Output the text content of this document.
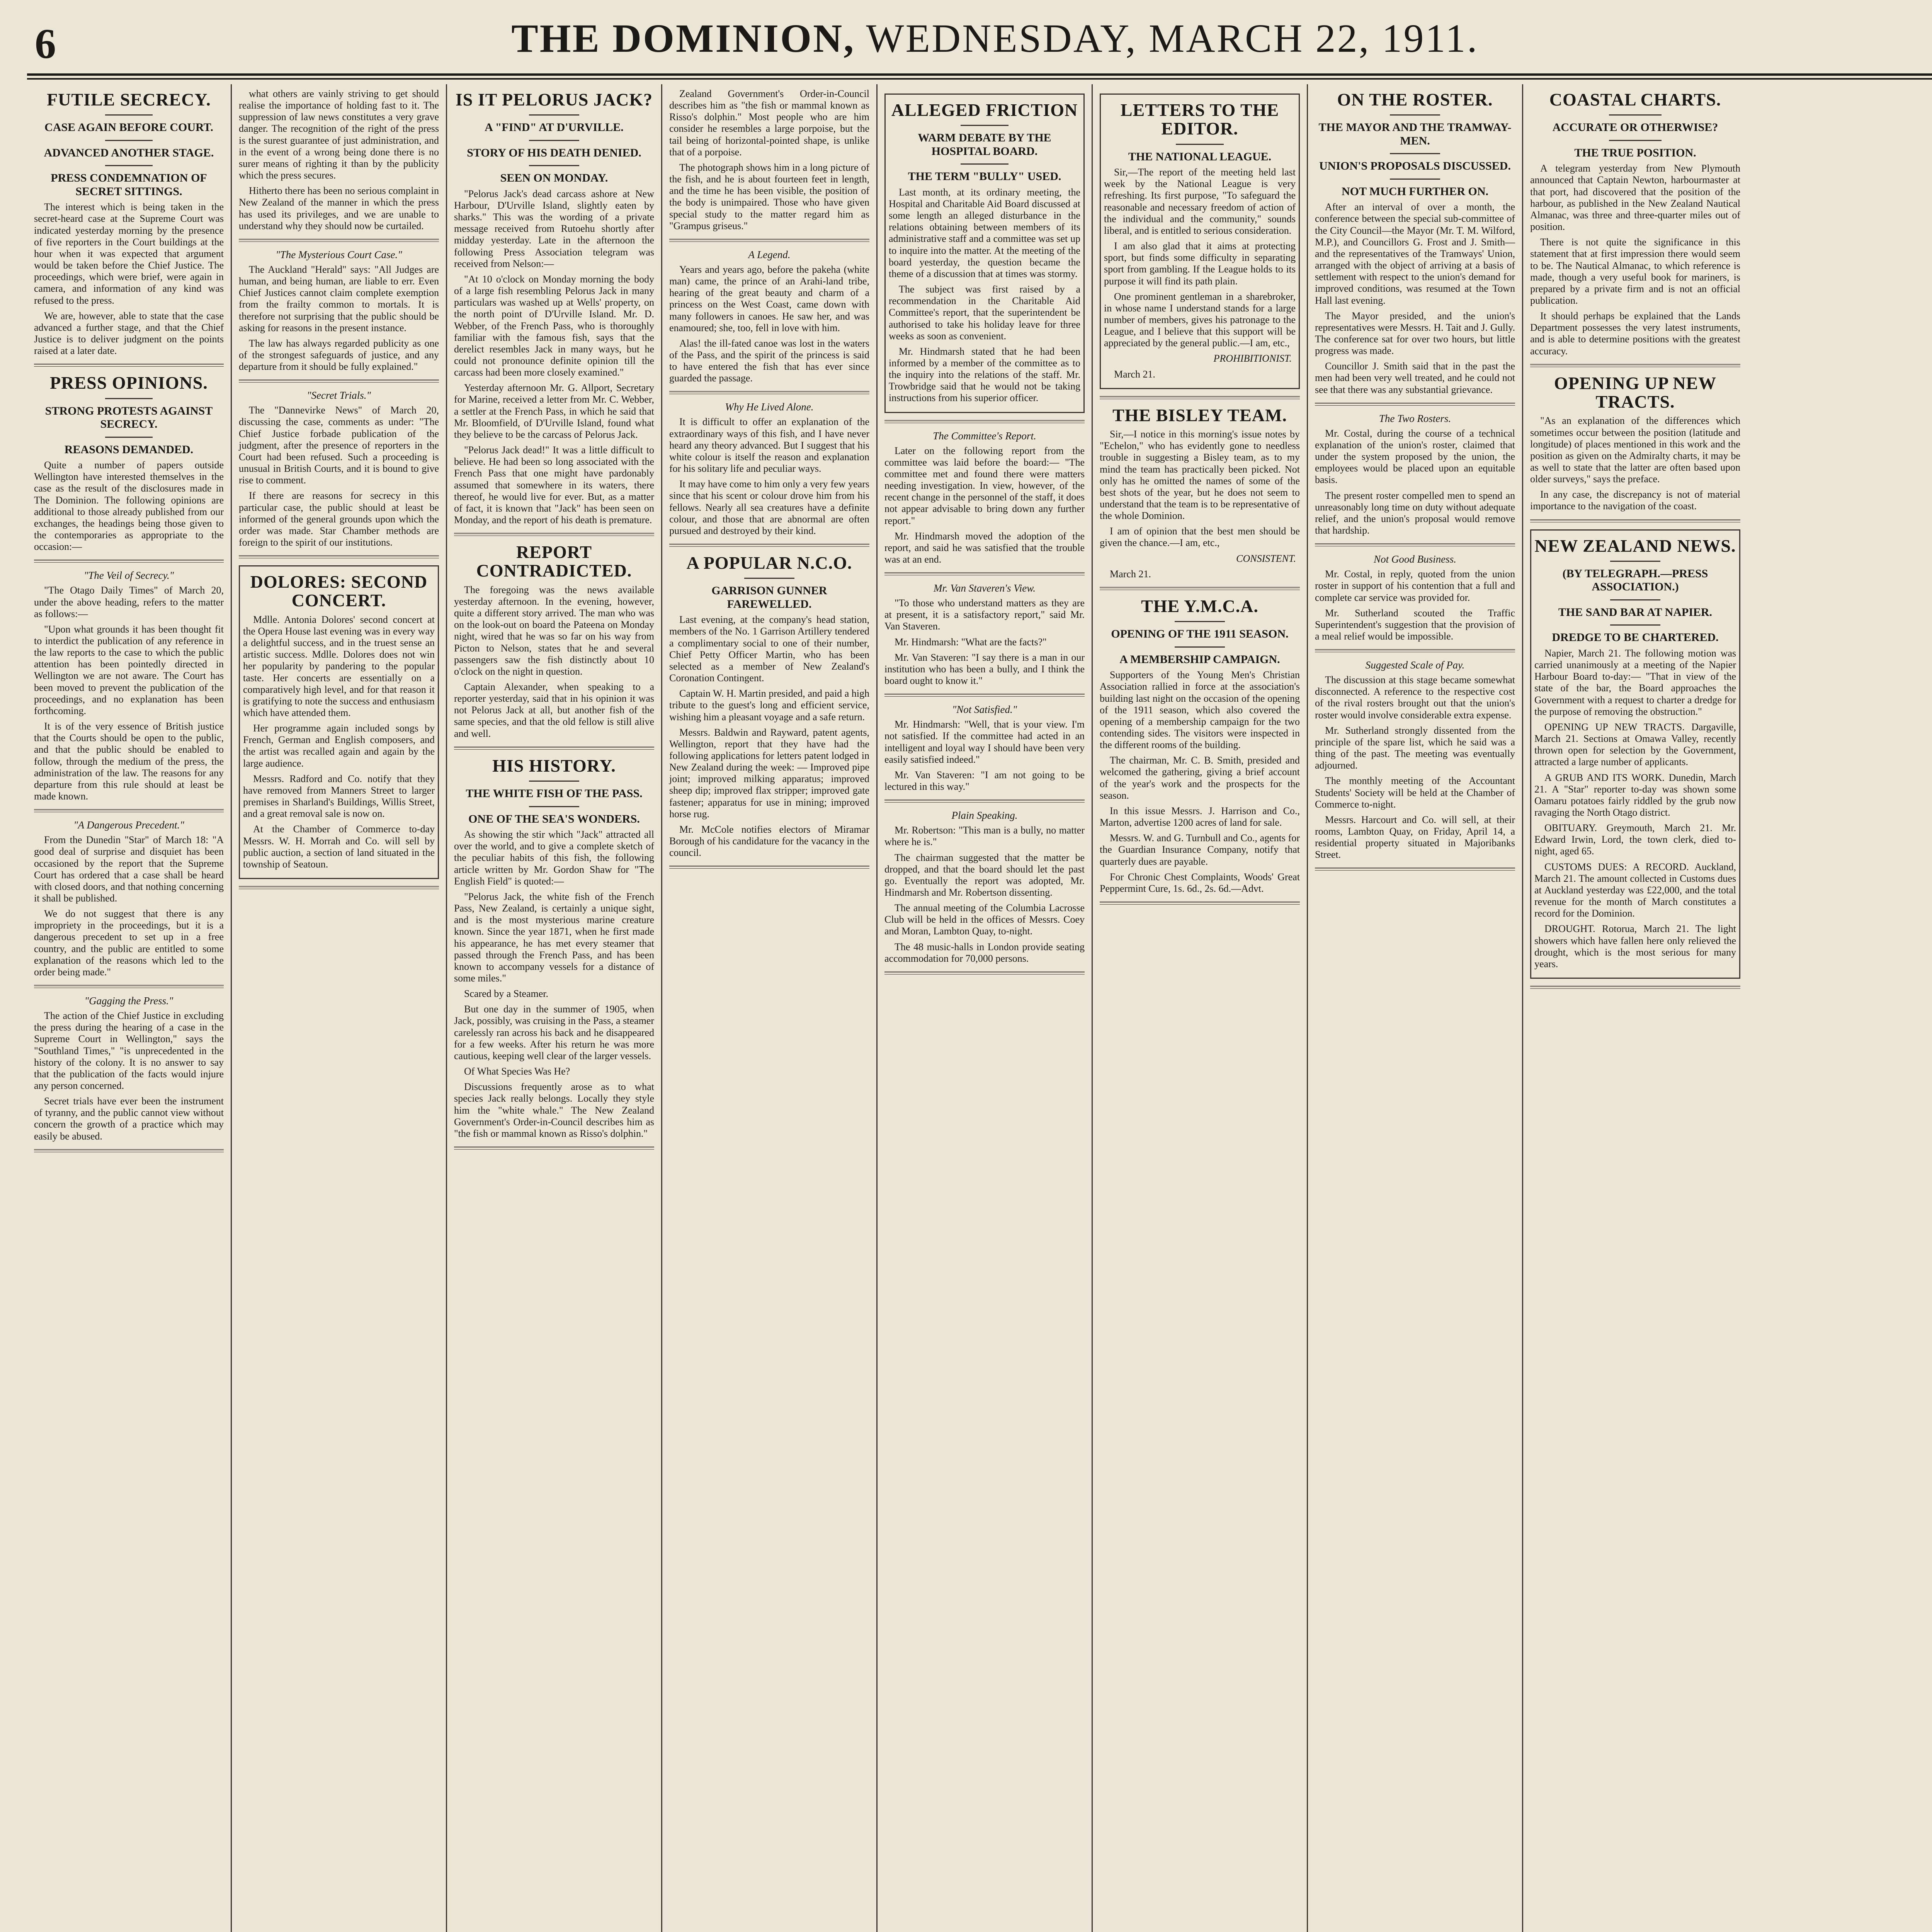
6	THE DOMINION, WEDNESDAY, MARCH 22, 1911.
FUTILE SECRECY.
CASE AGAIN BEFORE COURT.
ADVANCED ANOTHER STAGE.
PRESS CONDEMNATION OF SECRET SITTINGS.

The interest which is being taken in the secret-heard case at the Supreme Court was indicated yesterday morning by the presence of five reporters in the Court buildings at the hour when it was expected that argument would be taken before the Chief Justice. The proceedings, which were brief, were again in camera, and information of any kind was refused to the press.

We are, however, able to state that the case advanced a further stage, and that the Chief Justice is to deliver judgment on the points raised at a later date.

PRESS OPINIONS.
STRONG PROTESTS AGAINST SECRECY.
REASONS DEMANDED.

Quite a number of papers outside Wellington have interested themselves in the case as the result of the disclosures made in The Dominion. The following opinions are additional to those already published from our exchanges, the headings being those given to the contemporaries as appropriate to the occasion:—

"The Veil of Secrecy."

"The Otago Daily Times" of March 20, under the above heading, refers to the matter as follows:—

"Upon what grounds it has been thought fit to interdict the publication of any reference in the law reports to the case to which the public attention has been pointedly directed in Wellington we are not aware. The Court has been moved to prevent the publication of the proceedings, and no explanation has been forthcoming.

It is of the very essence of British justice that the Courts should be open to the public, and that the public should be enabled to follow, through the medium of the press, the administration of the law. The reasons for any departure from this rule should at least be made known.

"A Dangerous Precedent."

From the Dunedin "Star" of March 18: "A good deal of surprise and disquiet has been occasioned by the report that the Supreme Court has ordered that a case shall be heard with closed doors, and that nothing concerning it shall be published.

We do not suggest that there is any impropriety in the proceedings, but it is a dangerous precedent to set up in a free country, and the public are entitled to some explanation of the reasons which led to the order being made."

"Gagging the Press."

The action of the Chief Justice in excluding the press during the hearing of a case in the Supreme Court in Wellington," says the "Southland Times," "is unprecedented in the history of the colony. It is no answer to say that the publication of the facts would injure any person concerned.

Secret trials have ever been the instrument of tyranny, and the public cannot view without concern the growth of a practice which may easily be abused.

what others are vainly striving to get should realise the importance of holding fast to it. The suppression of law news constitutes a very grave danger. The recognition of the right of the press is the surest guarantee of just administration, and in the event of a wrong being done there is no surer means of righting it than by the publicity which the press secures.

Hitherto there has been no serious complaint in New Zealand of the manner in which the press has used its privileges, and we are unable to understand why they should now be curtailed.

"The Mysterious Court Case."

The Auckland "Herald" says: "All Judges are human, and being human, are liable to err. Even Chief Justices cannot claim complete exemption from the frailty common to mortals. It is therefore not surprising that the public should be asking for reasons in the present instance.

The law has always regarded publicity as one of the strongest safeguards of justice, and any departure from it should be fully explained."

"Secret Trials."

The "Dannevirke News" of March 20, discussing the case, comments as under: "The Chief Justice forbade publication of the judgment, after the presence of reporters in the Court had been refused. Such a proceeding is unusual in British Courts, and it is bound to give rise to comment.

If there are reasons for secrecy in this particular case, the public should at least be informed of the general grounds upon which the order was made. Star Chamber methods are foreign to the spirit of our institutions.

DOLORES: SECOND CONCERT.

Mdlle. Antonia Dolores' second concert at the Opera House last evening was in every way a delightful success, and in the truest sense an artistic success. Mdlle. Dolores does not win her popularity by pandering to the popular taste. Her concerts are essentially on a comparatively high level, and for that reason it is gratifying to note the success and enthusiasm which have attended them.

Her programme again included songs by French, German and English composers, and the artist was recalled again and again by the large audience.

Messrs. Radford and Co. notify that they have removed from Manners Street to larger premises in Sharland's Buildings, Willis Street, and a great removal sale is now on.

At the Chamber of Commerce to-day Messrs. W. H. Morrah and Co. will sell by public auction, a section of land situated in the township of Seatoun.

IS IT PELORUS JACK?
A "FIND" AT D'URVILLE.
STORY OF HIS DEATH DENIED.
SEEN ON MONDAY.

"Pelorus Jack's dead carcass ashore at New Harbour, D'Urville Island, slightly eaten by sharks." This was the wording of a private message received from Rutoehu shortly after midday yesterday. Late in the afternoon the following Press Association telegram was received from Nelson:—

"At 10 o'clock on Monday morning the body of a large fish resembling Pelorus Jack in many particulars was washed up at Wells' property, on the north point of D'Urville Island. Mr. D. Webber, of the French Pass, who is thoroughly familiar with the famous fish, says that the derelict resembles Jack in many ways, but he could not pronounce definite opinion till the carcass had been more closely examined."

Yesterday afternoon Mr. G. Allport, Secretary for Marine, received a letter from Mr. C. Webber, a settler at the French Pass, in which he said that Mr. Bloomfield, of D'Urville Island, found what they believe to be the carcass of Pelorus Jack.

"Pelorus Jack dead!" It was a little difficult to believe. He had been so long associated with the French Pass that one might have pardonably assumed that somewhere in its waters, there thereof, he would live for ever. But, as a matter of fact, it is known that "Jack" has been seen on Monday, and the report of his death is premature.

REPORT CONTRADICTED.

The foregoing was the news available yesterday afternoon. In the evening, however, quite a different story arrived. The man who was on the look-out on board the Pateena on Monday night, wired that he was so far on his way from Picton to Nelson, states that he and several passengers saw the fish distinctly about 10 o'clock on the night in question.

Captain Alexander, when speaking to a reporter yesterday, said that in his opinion it was not Pelorus Jack at all, but another fish of the same species, and that the old fellow is still alive and well.

HIS HISTORY.
THE WHITE FISH OF THE PASS.
ONE OF THE SEA'S WONDERS.

As showing the stir which "Jack" attracted all over the world, and to give a complete sketch of the peculiar habits of this fish, the following article written by Mr. Gordon Shaw for "The English Field" is quoted:—

"Pelorus Jack, the white fish of the French Pass, New Zealand, is certainly a unique sight, and is the most mysterious marine creature known. Since the year 1871, when he first made his appearance, he has met every steamer that passed through the French Pass, and has been known to accompany vessels for a distance of some miles."

Scared by a Steamer.

But one day in the summer of 1905, when Jack, possibly, was cruising in the Pass, a steamer carelessly ran across his back and he disappeared for a few weeks. After his return he was more cautious, keeping well clear of the larger vessels.

Of What Species Was He?

Discussions frequently arose as to what species Jack really belongs. Locally they style him the "white whale." The New Zealand Government's Order-in-Council describes him as "the fish or mammal known as Risso's dolphin."

Zealand Government's Order-in-Council describes him as "the fish or mammal known as Risso's dolphin." Most people who are him consider he resembles a large porpoise, but the tail being of horizontal-pointed shape, is unlike that of a porpoise.

The photograph shows him in a long picture of the fish, and he is about fourteen feet in length, and the time he has been visible, the position of the body is unimpaired. Those who have given special study to the matter regard him as "Grampus griseus."

A Legend.

Years and years ago, before the pakeha (white man) came, the prince of an Arahi-land tribe, hearing of the great beauty and charm of a princess on the West Coast, came down with many followers in canoes. He saw her, and was enamoured; she, too, fell in love with him.

Alas! the ill-fated canoe was lost in the waters of the Pass, and the spirit of the princess is said to have entered the fish that has ever since guarded the passage.

Why He Lived Alone.

It is difficult to offer an explanation of the extraordinary ways of this fish, and I have never heard any theory advanced. But I suggest that his white colour is itself the reason and explanation for his solitary life and peculiar ways.

It may have come to him only a very few years since that his scent or colour drove him from his fellows. Nearly all sea creatures have a definite colour, and those that are abnormal are often pursued and destroyed by their kind.

A POPULAR N.C.O.
GARRISON GUNNER FAREWELLED.

Last evening, at the company's head station, members of the No. 1 Garrison Artillery tendered a complimentary social to one of their number, Chief Petty Officer Martin, who has been selected as a member of New Zealand's Coronation Contingent.

Captain W. H. Martin presided, and paid a high tribute to the guest's long and efficient service, wishing him a pleasant voyage and a safe return.

Messrs. Baldwin and Rayward, patent agents, Wellington, report that they have had the following applications for letters patent lodged in New Zealand during the week: — Improved pipe joint; improved milking apparatus; improved sheep dip; improved flax stripper; improved gate fastener; apparatus for use in mining; improved horse rug.

Mr. McCole notifies electors of Miramar Borough of his candidature for the vacancy in the council.

ALLEGED FRICTION
WARM DEBATE BY THE HOSPITAL BOARD.
THE TERM "BULLY" USED.

Last month, at its ordinary meeting, the Hospital and Charitable Aid Board discussed at some length an alleged disturbance in the relations obtaining between members of its administrative staff and a committee was set up to inquire into the matter. At the meeting of the board yesterday, the question became the theme of a discussion that at times was stormy.

The subject was first raised by a recommendation in the Charitable Aid Committee's report, that the superintendent be authorised to take his holiday leave for three weeks as soon as convenient.

Mr. Hindmarsh stated that he had been informed by a member of the committee as to the inquiry into the relations of the staff. Mr. Trowbridge said that he would not be taking instructions from his superior officer.

The Committee's Report.

Later on the following report from the committee was laid before the board:— "The committee met and found there were matters needing investigation. In view, however, of the recent change in the personnel of the staff, it does not appear advisable to bring down any further report."

Mr. Hindmarsh moved the adoption of the report, and said he was satisfied that the trouble was at an end.

Mr. Van Staveren's View.

"To those who understand matters as they are at present, it is a satisfactory report," said Mr. Van Staveren.

Mr. Hindmarsh: "What are the facts?"

Mr. Van Staveren: "I say there is a man in our institution who has been a bully, and I think the board ought to know it."

"Not Satisfied."

Mr. Hindmarsh: "Well, that is your view. I'm not satisfied. If the committee had acted in an intelligent and loyal way I should have been very easily satisfied indeed."

Mr. Van Staveren: "I am not going to be lectured in this way."

Plain Speaking.

Mr. Robertson: "This man is a bully, no matter where he is."

The chairman suggested that the matter be dropped, and that the board should let the past go. Eventually the report was adopted, Mr. Hindmarsh and Mr. Robertson dissenting.

The annual meeting of the Columbia Lacrosse Club will be held in the offices of Messrs. Coey and Moran, Lambton Quay, to-night.

The 48 music-halls in London provide seating accommodation for 70,000 persons.

LETTERS TO THE EDITOR.
THE NATIONAL LEAGUE.

Sir,—The report of the meeting held last week by the National League is very refreshing. Its first purpose, "To safeguard the reasonable and necessary freedom of action of the individual and the community," sounds liberal, and is entitled to serious consideration.

I am also glad that it aims at protecting sport, but finds some difficulty in separating sport from gambling. If the League holds to its purpose it will find its path plain.

One prominent gentleman in a sharebroker, in whose name I understand stands for a large number of members, gives his patronage to the League, and I believe that this support will be appreciated by the general public.—I am, etc.,

PROHIBITIONIST.

March 21.

THE BISLEY TEAM.

Sir,—I notice in this morning's issue notes by "Echelon," who has evidently gone to needless trouble in suggesting a Bisley team, as to my mind the team has practically been picked. Not only has he omitted the names of some of the best shots of the year, but he does not seem to understand that the team is to be representative of the whole Dominion.

I am of opinion that the best men should be given the chance.—I am, etc.,

CONSISTENT.

March 21.

THE Y.M.C.A.
OPENING OF THE 1911 SEASON.
A MEMBERSHIP CAMPAIGN.

Supporters of the Young Men's Christian Association rallied in force at the association's building last night on the occasion of the opening of the 1911 season, which also covered the opening of a membership campaign for the two contending sides. The visitors were inspected in the different rooms of the building.

The chairman, Mr. C. B. Smith, presided and welcomed the gathering, giving a brief account of the year's work and the prospects for the season.

In this issue Messrs. J. Harrison and Co., Marton, advertise 1200 acres of land for sale.

Messrs. W. and G. Turnbull and Co., agents for the Guardian Insurance Company, notify that quarterly dues are payable.

For Chronic Chest Complaints, Woods' Great Peppermint Cure, 1s. 6d., 2s. 6d.—Advt.

ON THE ROSTER.
THE MAYOR AND THE TRAMWAY-MEN.
UNION'S PROPOSALS DISCUSSED.
NOT MUCH FURTHER ON.

After an interval of over a month, the conference between the special sub-committee of the City Council—the Mayor (Mr. T. M. Wilford, M.P.), and Councillors G. Frost and J. Smith—and the representatives of the Tramways' Union, arranged with the object of arriving at a basis of settlement with respect to the union's demand for improved conditions, was resumed at the Town Hall last evening.

The Mayor presided, and the union's representatives were Messrs. H. Tait and J. Gully. The conference sat for over two hours, but little progress was made.

Councillor J. Smith said that in the past the men had been very well treated, and he could not see that there was any substantial grievance.

The Two Rosters.

Mr. Costal, during the course of a technical explanation of the union's roster, claimed that under the system proposed by the union, the employees would be placed upon an equitable basis.

The present roster compelled men to spend an unreasonably long time on duty without adequate relief, and the union's proposal would remove that hardship.

Not Good Business.

Mr. Costal, in reply, quoted from the union roster in support of his contention that a full and complete car service was provided for.

Mr. Sutherland scouted the Traffic Superintendent's suggestion that the provision of a meal relief would be impossible.

Suggested Scale of Pay.

The discussion at this stage became somewhat disconnected. A reference to the respective cost of the rival rosters brought out that the union's roster would involve considerable extra expense.

Mr. Sutherland strongly dissented from the principle of the spare list, which he said was a thing of the past. The meeting was eventually adjourned.

The monthly meeting of the Accountant Students' Society will be held at the Chamber of Commerce to-night.

Messrs. Harcourt and Co. will sell, at their rooms, Lambton Quay, on Friday, April 14, a residential property situated in Majoribanks Street.

COASTAL CHARTS.
ACCURATE OR OTHERWISE?
THE TRUE POSITION.

A telegram yesterday from New Plymouth announced that Captain Newton, harbourmaster at that port, had discovered that the position of the harbour, as published in the New Zealand Nautical Almanac, was three and three-quarter miles out of position.

There is not quite the significance in this statement that at first impression there would seem to be. The Nautical Almanac, to which reference is made, though a very useful book for mariners, is prepared by a private firm and is not an official publication.

It should perhaps be explained that the Lands Department possesses the very latest instruments, and is able to determine positions with the greatest accuracy.

OPENING UP NEW TRACTS.

"As an explanation of the differences which sometimes occur between the position (latitude and longitude) of places mentioned in this work and the position as given on the Admiralty charts, it may be as well to state that the latter are often based upon older surveys," says the preface.

In any case, the discrepancy is not of material importance to the navigation of the coast.

NEW ZEALAND NEWS.
(BY TELEGRAPH.—PRESS ASSOCIATION.)
THE SAND BAR AT NAPIER.
DREDGE TO BE CHARTERED.

Napier, March 21. The following motion was carried unanimously at a meeting of the Napier Harbour Board to-day:— "That in view of the state of the bar, the Board approaches the Government with a request to charter a dredge for the purpose of removing the obstruction."

OPENING UP NEW TRACTS. Dargaville, March 21. Sections at Omawa Valley, recently thrown open for selection by the Government, attracted a large number of applicants.

A GRUB AND ITS WORK. Dunedin, March 21. A "Star" reporter to-day was shown some Oamaru potatoes fairly riddled by the grub now ravaging the North Otago district.

OBITUARY. Greymouth, March 21. Mr. Edward Irwin, Lord, the town clerk, died to-night, aged 65.

CUSTOMS DUES: A RECORD. Auckland, March 21. The amount collected in Customs dues at Auckland yesterday was £22,000, and the total revenue for the month of March constitutes a record for the Dominion.

DROUGHT. Rotorua, March 21. The light showers which have fallen here only relieved the drought, which is the most serious for many years.
